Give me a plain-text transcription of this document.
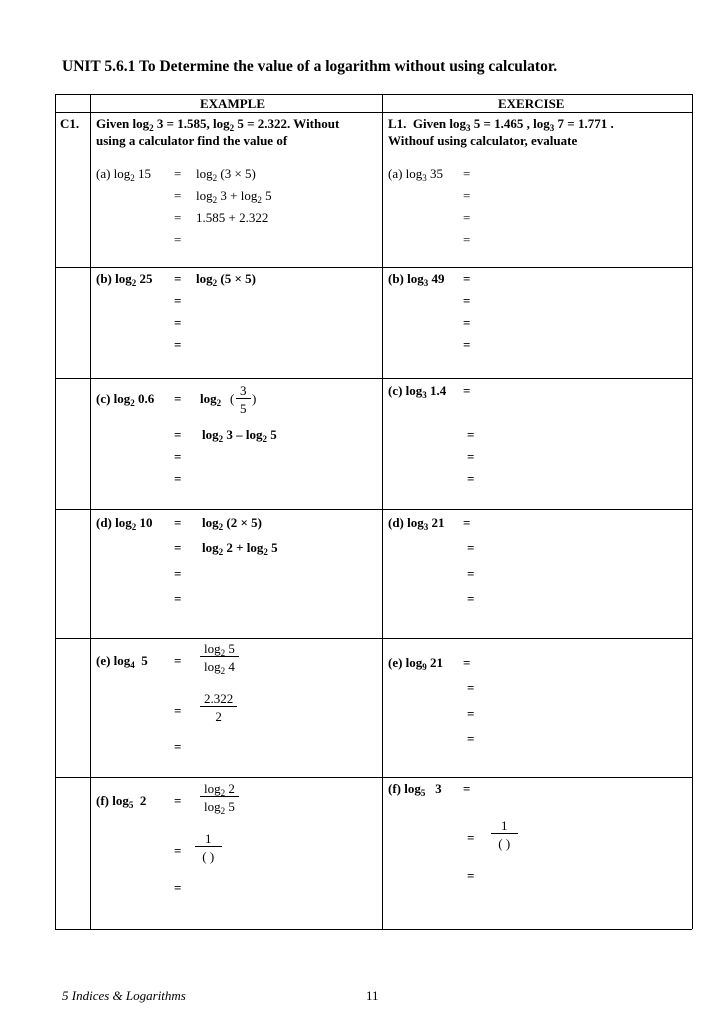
UNIT 5.6.1 To Determine the value of a logarithm without using calculator.
EXAMPLE	EXERCISE
C1. Given $\log_2 3 = 1.585$, $\log_2 5 = 2.322$. Without
using a calculator find the value of
L1. Given $\log_3 5 = 1.465$ , $\log_3 7 = 1.771$ .
Withouf using calculator, evaluate
(a) $\log_2 15 = \log_2 (3 \times 5)$
= $\log_2 3 + \log_2 5$
= 1.585 + 2.322
=
(a) $\log_3 35$ =
=
=
=
(b) $\log_2 25 = \log_2 (5 \times 5)$
=
=
=
(b) $\log_3 49$ =
=
=
=
(c) $\log_2 0.6 = \log_2$ ( $\frac{3}{5}$ )
= $\log_2 3 - \log_2 5$
=
=
(c) $\log_3 1.4$ =
=
=
=
(d) $\log_2 10 = \log_2 (2 \times 5)$
= $\log_2 2 + \log_2 5$
=
=
(d) $\log_3 21$ =
=
=
=
(e) $\log_4 5 = \frac{\log_2 5}{\log_2 4}$
= $\frac{2.322}{2}$
=
(e) $\log_9 21$ =
=
=
=
(f) $\log_5 2 = \frac{\log_2 2}{\log_2 5}$
=
1
( )
=
(f) $\log_5 3$ =
=
1
( )
=
5 Indices & Logarithms	11
